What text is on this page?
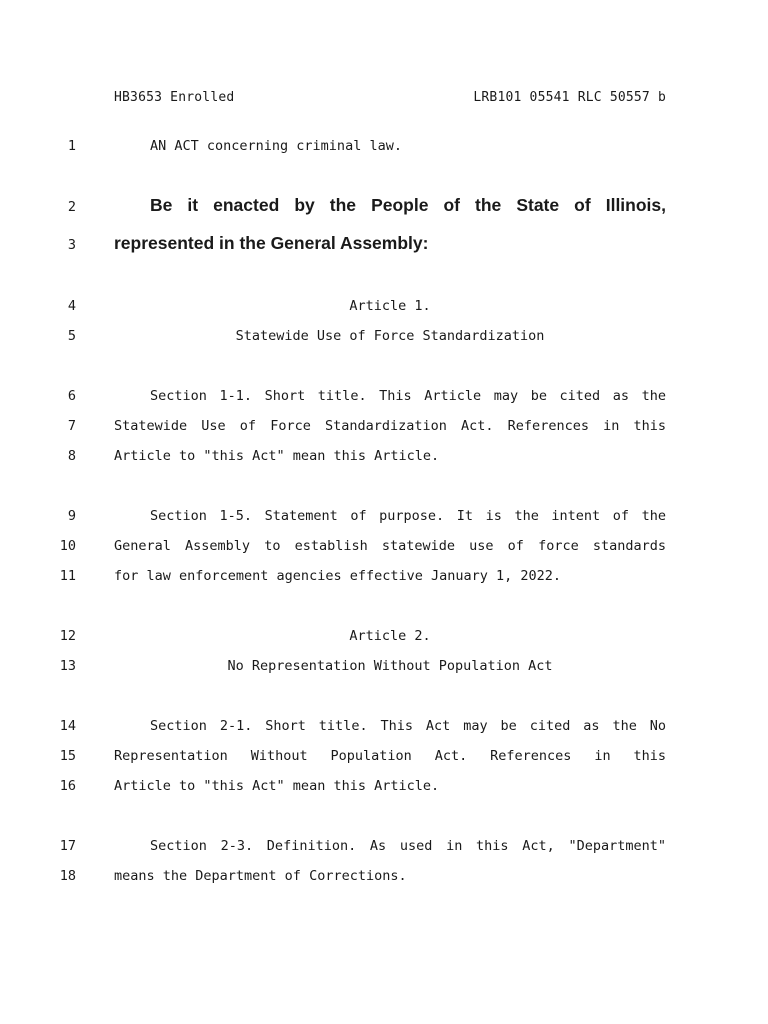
HB3653 Enrolled	LRB101 05541 RLC 50557 b
1	AN ACT concerning criminal law.
2	Be it enacted by the People of the State of Illinois,
3 represented in the General Assembly:
4	Article 1.
5	Statewide Use of Force Standardization
6	Section 1-1. Short title. This Article may be cited as the
7	Statewide Use of Force Standardization Act. References in this
8	Article to "this Act" mean this Article.
9	Section 1-5. Statement of purpose. It is the intent of the
10	General Assembly to establish statewide use of force standards
11	for law enforcement agencies effective January 1, 2022.
12	Article 2.
13	No Representation Without Population Act
14	Section 2-1. Short title. This Act may be cited as the No
15	Representation Without Population Act. References in this
16	Article to "this Act" mean this Article.
17	Section 2-3. Definition. As used in this Act, "Department"
18	means the Department of Corrections.
